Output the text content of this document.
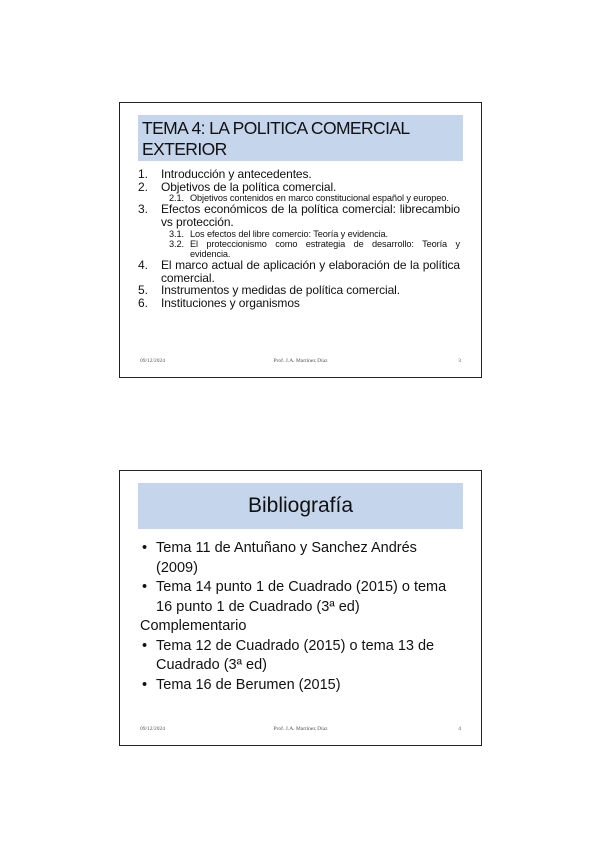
TEMA 4: LA POLITICA COMERCIAL EXTERIOR
1. Introducción y antecedentes.
2. Objetivos de la política comercial.
2.1. Objetivos contenidos en marco constitucional español y europeo.
3. Efectos económicos de la política comercial: librecambio vs protección.
3.1. Los efectos del libre comercio: Teoría y evidencia.
3.2. El proteccionismo como estrategia de desarrollo: Teoría y evidencia.
4. El marco actual de aplicación y elaboración de la política comercial.
5. Instrumentos y medidas de política comercial.
6. Instituciones y organismos
09/12/2024	Prof. J.A. Martínez Díaz	3
Bibliografía
• Tema 11 de Antuñano y Sanchez Andrés (2009)
• Tema 14 punto 1 de Cuadrado (2015) o tema 16 punto 1 de Cuadrado (3ª ed)
Complementario
• Tema 12 de Cuadrado (2015) o tema 13 de Cuadrado (3ª ed)
• Tema 16 de Berumen (2015)
09/12/2024	Prof. J.A. Martínez Díaz	4
